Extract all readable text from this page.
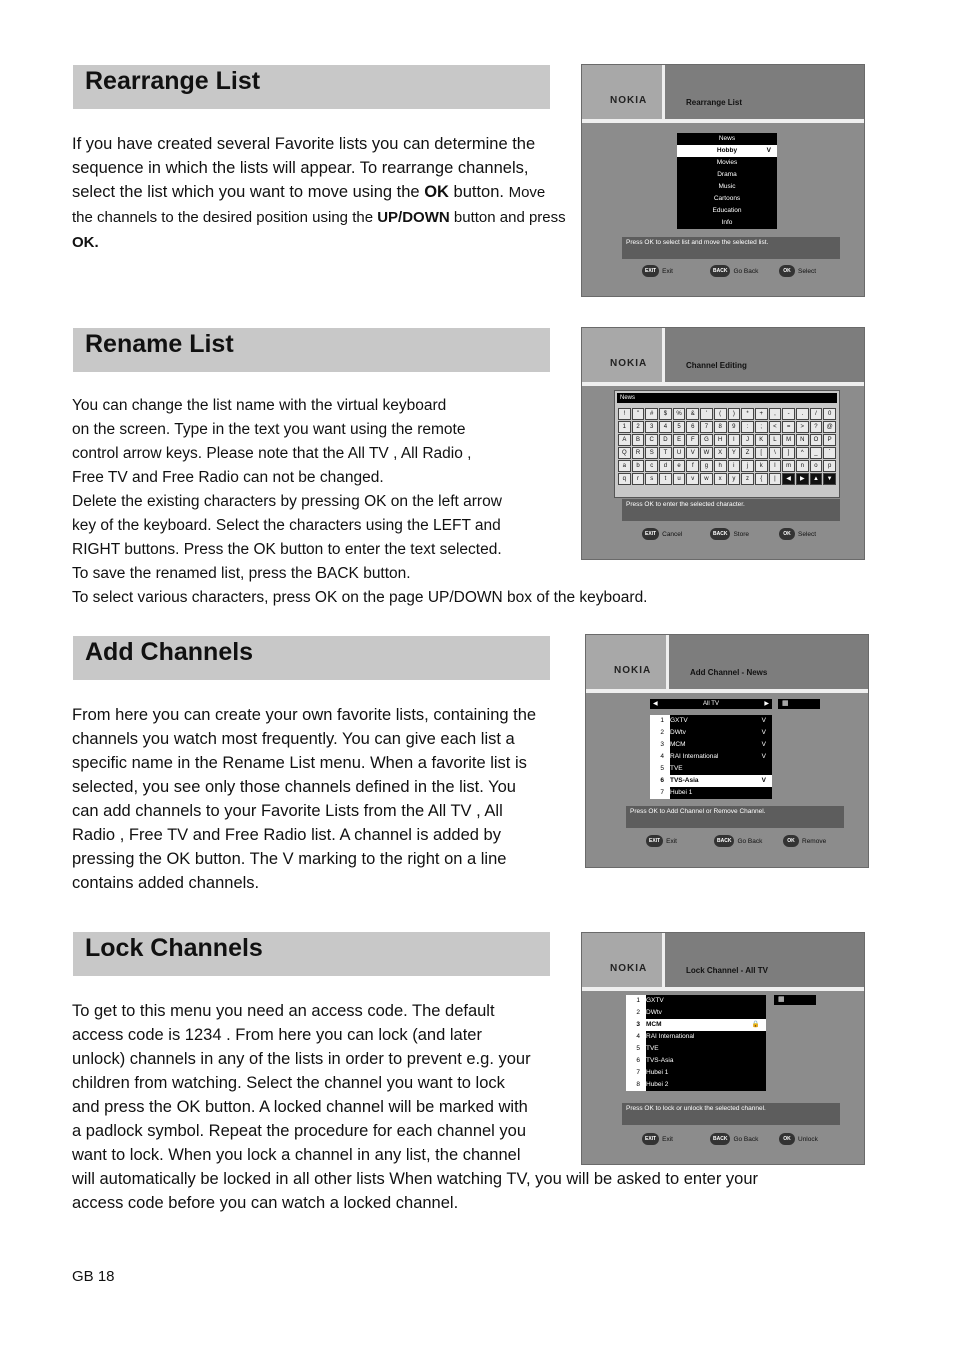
Rearrange List
If you have created several Favorite lists you can determine the sequence in which the lists will appear. To rearrange channels, select the list which you want to move using the OK button. Move the channels to the desired position using the UP/DOWN button and press OK.
NOKIA	Rearrange List
News
Hobby	V
Movies
Drama
Music
Cartoons
Education
Info
Press OK to select list and move the selected list.
EXIT Exit	BACK Go Back	OK	Select
Rename List
You can change the list name with the virtual keyboard
on the screen. Type in the text you want using the remote
control arrow keys. Please note that the All TV , All Radio ,
Free TV and Free Radio can not be changed.
Delete the existing characters by pressing OK on the left arrow
key of the keyboard. Select the characters using the LEFT and
RIGHT buttons. Press the OK button to enter the text selected.
To save the renamed list, press the BACK button.
To select various characters, press OK on the page UP/DOWN box of the keyboard.
NOKIA	Channel Editing
News
!	"	#	$	%	&	'	(	)	*	+	,	-	.	/	0
1	2	3	4	5	6	7	8	9	:	;	<	=	>	?	@
A	B	C	D	E	F	G	H	I	J	K	L	M	N	O	P
Q	R	S	T	U	V	W	X	Y	Z	[	\	]	^	_	`
a	b	c	d	e	f	g	h	i	j	k	l	m	n	o	p
q	r	s	t	u	v	w	x	y	z	{	|	◀	▶	▲	▼
Press OK to enter the selected character.
EXIT Cancel	BACK Store	OK	Select
Add Channels
From here you can create your own favorite lists, containing the
channels you watch most frequently. You can give each list a
specific name in the Rename List menu. When a favorite list is
selected, you see only those channels defined in the list. You
can add channels to your Favorite Lists from the All TV , All
Radio , Free TV and Free Radio list. A channel is added by
pressing the OK button. The V marking to the right on a line
contains added channels.
NOKIA	Add Channel - News
◀	All TV	▶	▦
1 GXTV	V
2 DWtv	V
3 MCM	V
4 RAI International	V
5 TVE
6 TVS-Asia	V
7 Hubei 1
Press OK to Add Channel or Remove Channel.
EXIT Exit	BACK Go Back	OK	Remove
Lock Channels
To get to this menu you need an access code. The default
access code is 1234 . From here you can lock (and later
unlock) channels in any of the lists in order to prevent e.g. your
children from watching. Select the channel you want to lock
and press the OK button. A locked channel will be marked with
a padlock symbol. Repeat the procedure for each channel you
want to lock. When you lock a channel in any list, the channel
will automatically be locked in all other lists When watching TV, you will be asked to enter your
access code before you can watch a locked channel.
NOKIA	Lock Channel - All TV
1 GXTV
2 DWtv
3 MCM	🔒
4 RAI International
5 TVE
6 TVS-Asia
7 Hubei 1
8 Hubei 2
▦
Press OK to lock or unlock the selected channel.
EXIT Exit	BACK Go Back	OK	Unlock
GB 18
